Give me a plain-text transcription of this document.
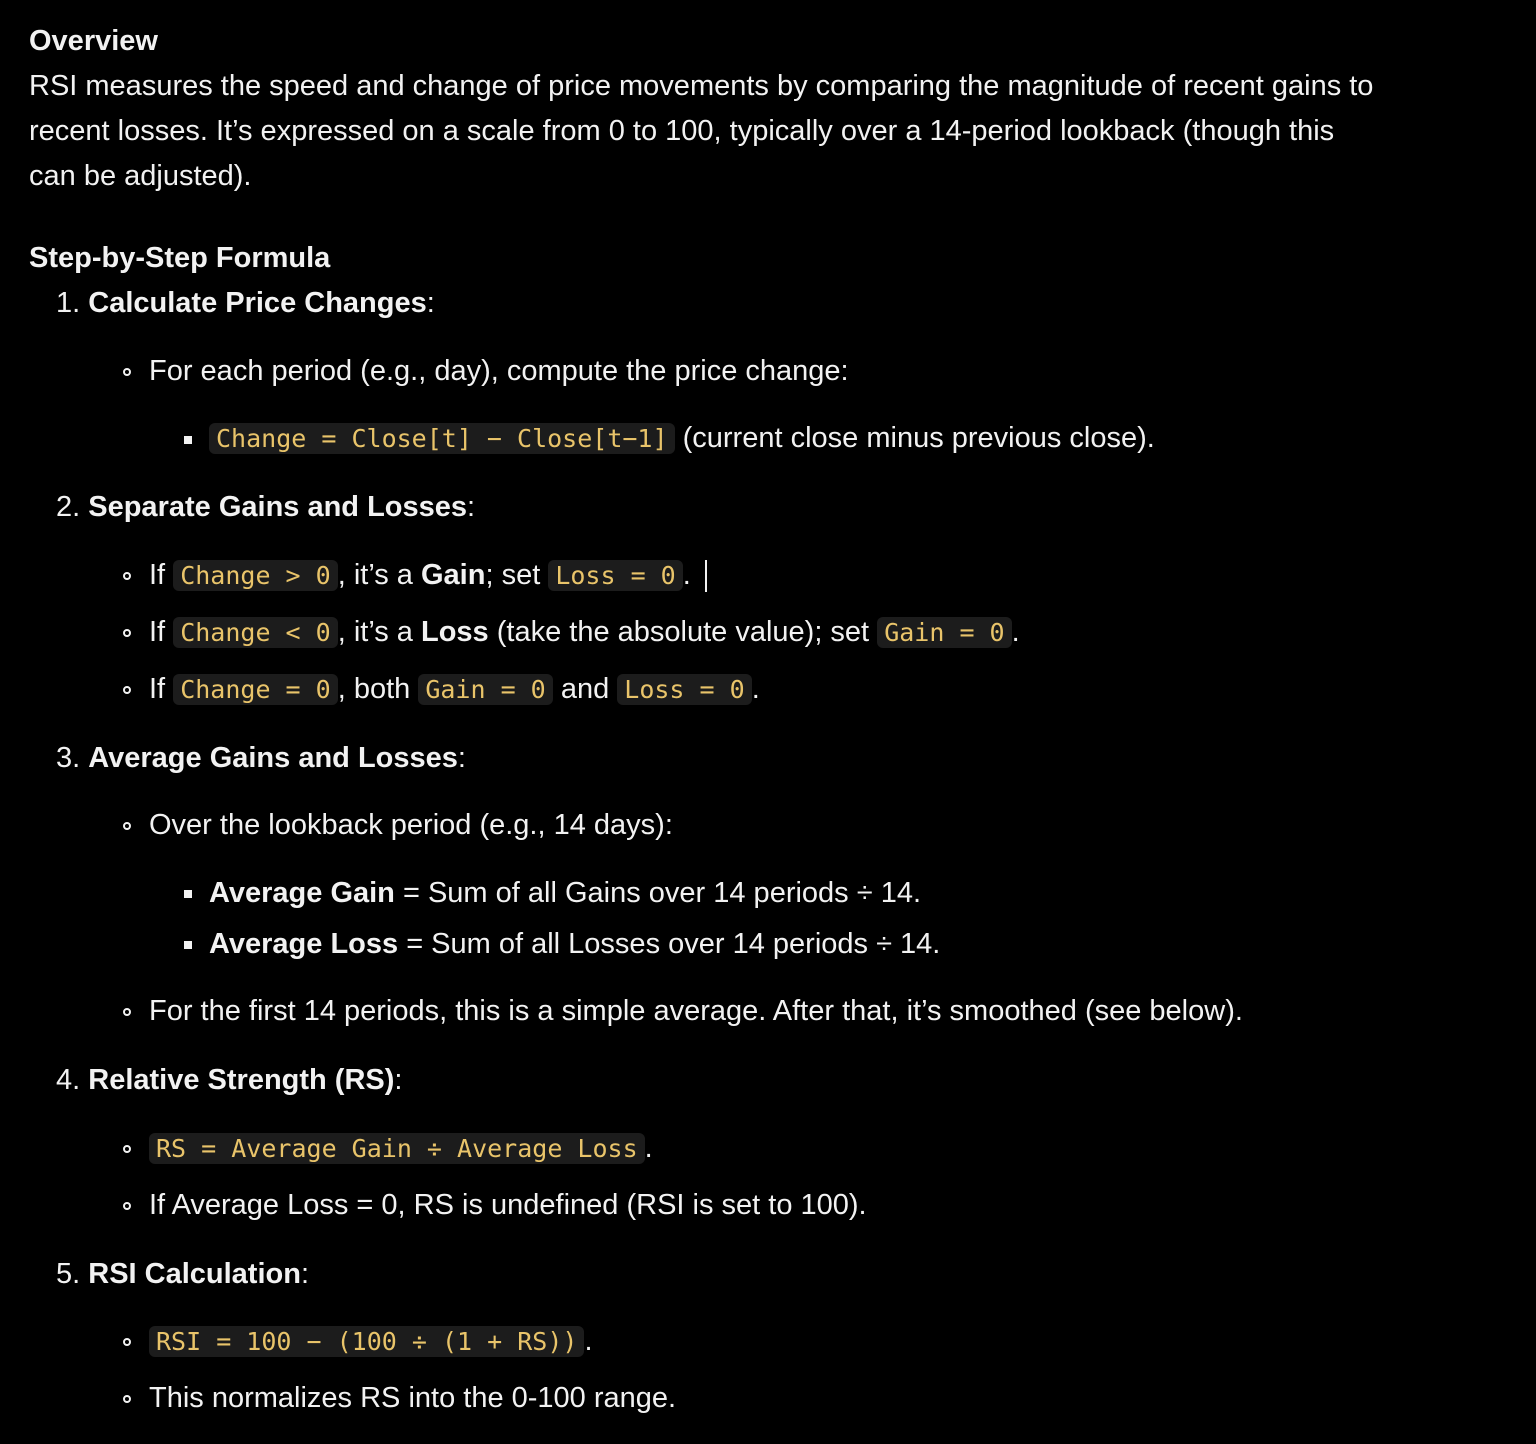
Overview
RSI measures the speed and change of price movements by comparing the magnitude of recent gains to
recent losses. It’s expressed on a scale from 0 to 100, typically over a 14-period lookback (though this
can be adjusted).
Step-by-Step Formula
1. Calculate Price Changes:
For each period (e.g., day), compute the price change:
Change = Close[t] − Close[t−1] (current close minus previous close).
2. Separate Gains and Losses:
If Change > 0 , it’s a Gain; set Loss = 0 .
If Change < 0 , it’s a Loss (take the absolute value); set Gain = 0 .
If Change = 0 , both Gain = 0 and Loss = 0 .
3. Average Gains and Losses:
Over the lookback period (e.g., 14 days):
Average Gain = Sum of all Gains over 14 periods ÷ 14.
Average Loss = Sum of all Losses over 14 periods ÷ 14.
For the first 14 periods, this is a simple average. After that, it’s smoothed (see below).
4. Relative Strength (RS):
RS = Average Gain ÷ Average Loss .
If Average Loss = 0, RS is undefined (RSI is set to 100).
5. RSI Calculation:
RSI = 100 − (100 ÷ (1 + RS)) .
This normalizes RS into the 0-100 range.
